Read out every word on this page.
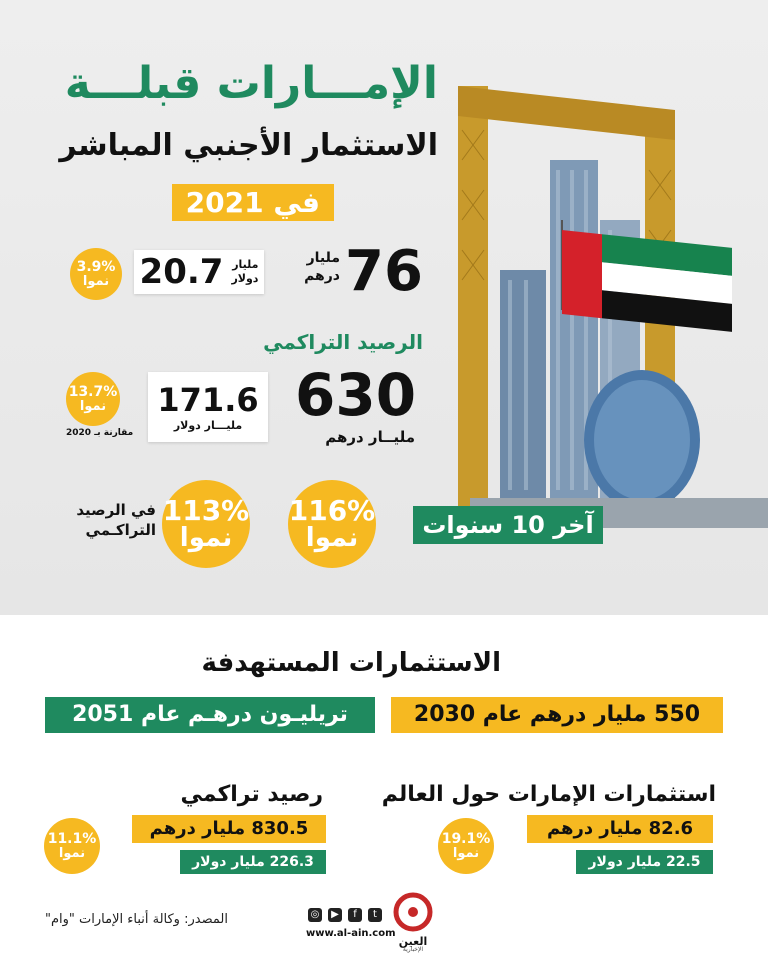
الإمـــارات قبلـــة
الاستثمار الأجنبي المباشر
في 2021
76
مليار
درهم
20.7 مليار
دولار
3.9%
نموا
الرصيد التراكمي
630
مليــار درهم
171.6
مليـــار دولار
13.7%
نموا
مقارنة بـ 2020
116%
نموا
113%
نموا
في الرصيد
التراكـمي	آخر 10 سنوات
الاستثمارات المستهدفة
550 مليار درهم عام 2030
تريليـون درهـم عام 2051
استثمارات الإمارات حول العالم
82.6 مليار درهم
22.5 مليار دولار
19.1%
نموا
رصيد تراكمي
830.5 مليار درهم
226.3 مليار دولار
11.1%
نموا
العين
الإخبارية
◎	▶	f	t
www.al-ain.com
المصدر: وكالة أنباء الإمارات "وام"
